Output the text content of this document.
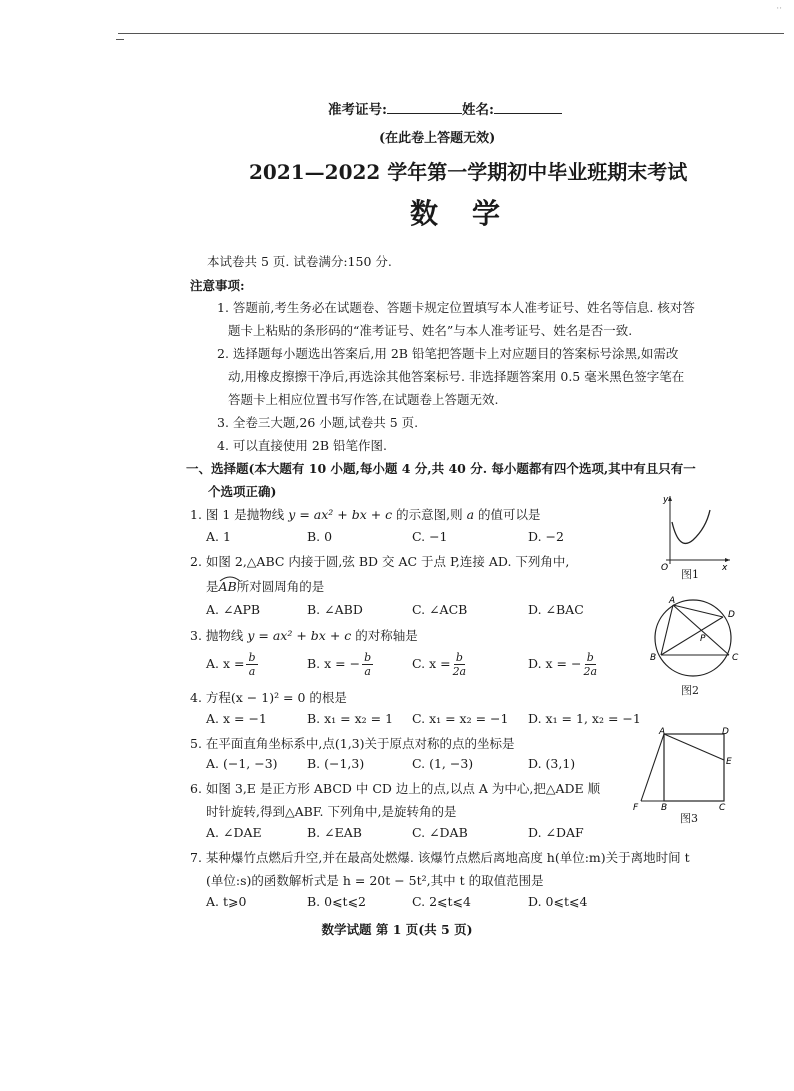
··
准考证号:	姓名:
(在此卷上答题无效)
2021—2022 学年第一学期初中毕业班期末考试
数学
本试卷共 5 页. 试卷满分:150 分.
注意事项:
1. 答题前,考生务必在试题卷、答题卡规定位置填写本人准考证号、姓名等信息. 核对答
题卡上粘贴的条形码的“准考证号、姓名”与本人准考证号、姓名是否一致.
2. 选择题每小题选出答案后,用 2B 铅笔把答题卡上对应题目的答案标号涂黑,如需改
动,用橡皮擦擦干净后,再选涂其他答案标号. 非选择题答案用 0.5 毫米黑色签字笔在
答题卡上相应位置书写作答,在试题卷上答题无效.
3. 全卷三大题,26 小题,试卷共 5 页.
4. 可以直接使用 2B 铅笔作图.
一、选择题(本大题有 10 小题,每小题 4 分,共 40 分. 每小题都有四个选项,其中有且只有一
个选项正确)
1. 图 1 是抛物线 y = ax² + bx + c 的示意图,则 a 的值可以是
A. 1	B. 0	C. −1	D. −2
2. 如图 2,△ABC 内接于圆,弦 BD 交 AC 于点 P,连接 AD. 下列角中,
是
AB所对圆周角的是
A. ∠APB	B. ∠ABD	C. ∠ACB	D. ∠BAC
3. 抛物线 y = ax² + bx + c 的对称轴是
A. $x = \frac{b}{a}$	B. x = − $\frac{b}{a}$	C. $x = \frac{b}{2a}$	D. x = − $\frac{b}{2a}$
4. 方程(x − 1)² = 0 的根是
A. x = −1	B. x₁ = x₂ = 1 C. x₁ = x₂ = −1 D. x₁ = 1, x₂ = −1
5. 在平面直角坐标系中,点(1,3)关于原点对称的点的坐标是
A. (−1, −3) B. (−1,3)	C. (1, −3)	D. (3,1)
6. 如图 3,E 是正方形 ABCD 中 CD 边上的点,以点 A 为中心,把△ADE 顺
时针旋转,得到△ABF. 下列角中,是旋转角的是
A. ∠DAE	B. ∠EAB	C. ∠DAB	D. ∠DAF
7. 某种爆竹点燃后升空,并在最高处燃爆. 该爆竹点燃后离地高度 h(单位:m)关于离地时间 t
(单位:s)的函数解析式是 h = 20t − 5t²,其中 t 的取值范围是
A. t⩾0	B. 0⩽t⩽2	C. 2⩽t⩽4	D. 0⩽t⩽4
y
x
O 图1
A
B	C
D
P
图2
A	D
E
F	B	C
图3
数学试题 第 1 页(共 5 页)
